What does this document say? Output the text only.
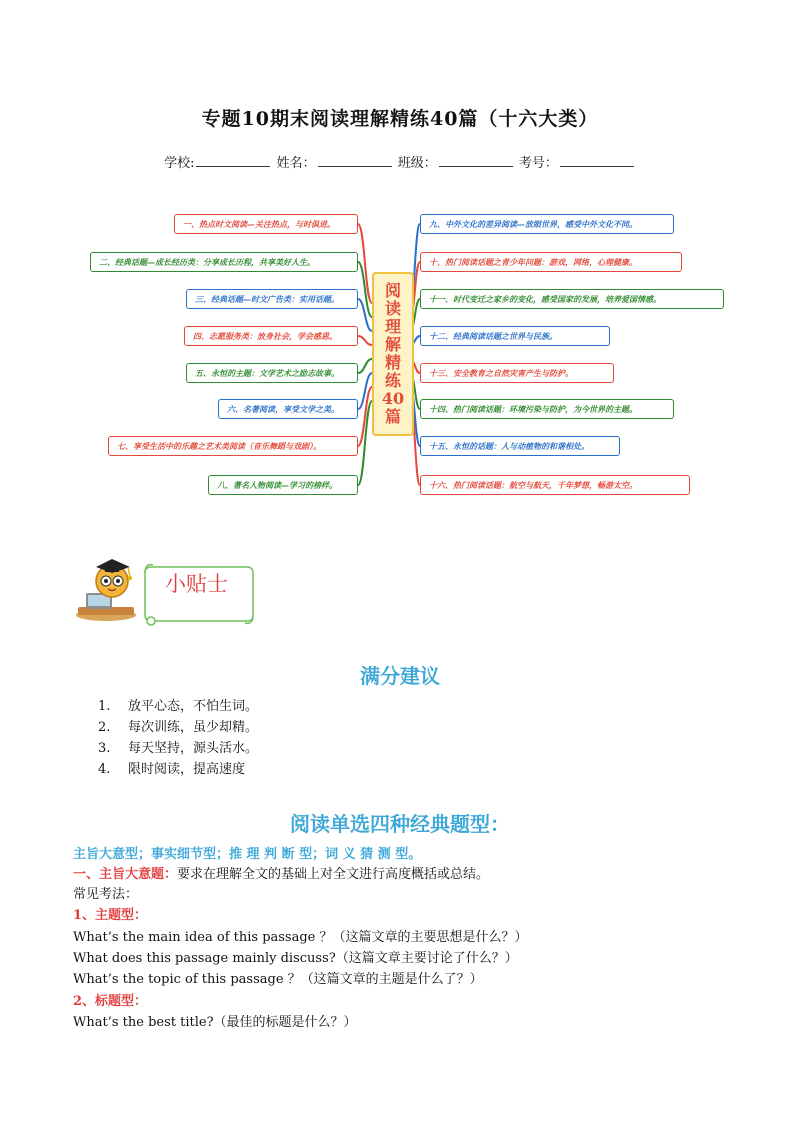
专题10期末阅读理解精练40篇（十六大类）
学校:	姓名：	班级：	考号：
阅
读
理
解
精
练
40
篇
一、热点时文阅读—关注热点，与时俱进。
二、经典话题—成长经历类：分享成长历程，共享美好人生。
三、经典话题—时文广告类：实用话题。
四、志愿服务类：放身社会，学会感恩。
五、永恒的主题：文学艺术之励志故事。
六、名著阅读，享受文学之美。
七、享受生活中的乐趣之艺术类阅读（音乐舞蹈与戏剧）。
八、著名人物阅读—学习的榜样。
九、中外文化的差异阅读—放眼世界，感受中外文化不同。
十、热门阅读话题之青少年问题：游戏，网络，心理健康。
十一、时代变迁之家乡的变化，感受国家的发展，培养爱国情感。
十二、经典阅读话题之世界与民族。
十三、安全教育之自然灾害产生与防护。
十四、热门阅读话题：环境污染与防护，为今世界的主题。
十五、永恒的话题：人与动植物的和谐相处。
十六、热门阅读话题：航空与航天，千年梦想，畅游太空。
小贴士
满分建议
1. 放平心态，不怕生词。
2. 每次训练，虽少却精。
3. 每天坚持，源头活水。
4. 限时阅读，提高速度
阅读单选四种经典题型：
主旨大意型；事实细节型；推 理 判 断 型；词 义 猜 测 型。
一、主旨大意题：要求在理解全文的基础上对全文进行高度概括或总结。
常见考法：
1、主题型：
What’s the main idea of this passage ？（这篇文章的主要思想是什么？）
What does this passage mainly discuss?（这篇文章主要讨论了什么？）
What’s the topic of this passage ？（这篇文章的主题是什么了？）
2、标题型：
What’s the best title?（最佳的标题是什么？）
